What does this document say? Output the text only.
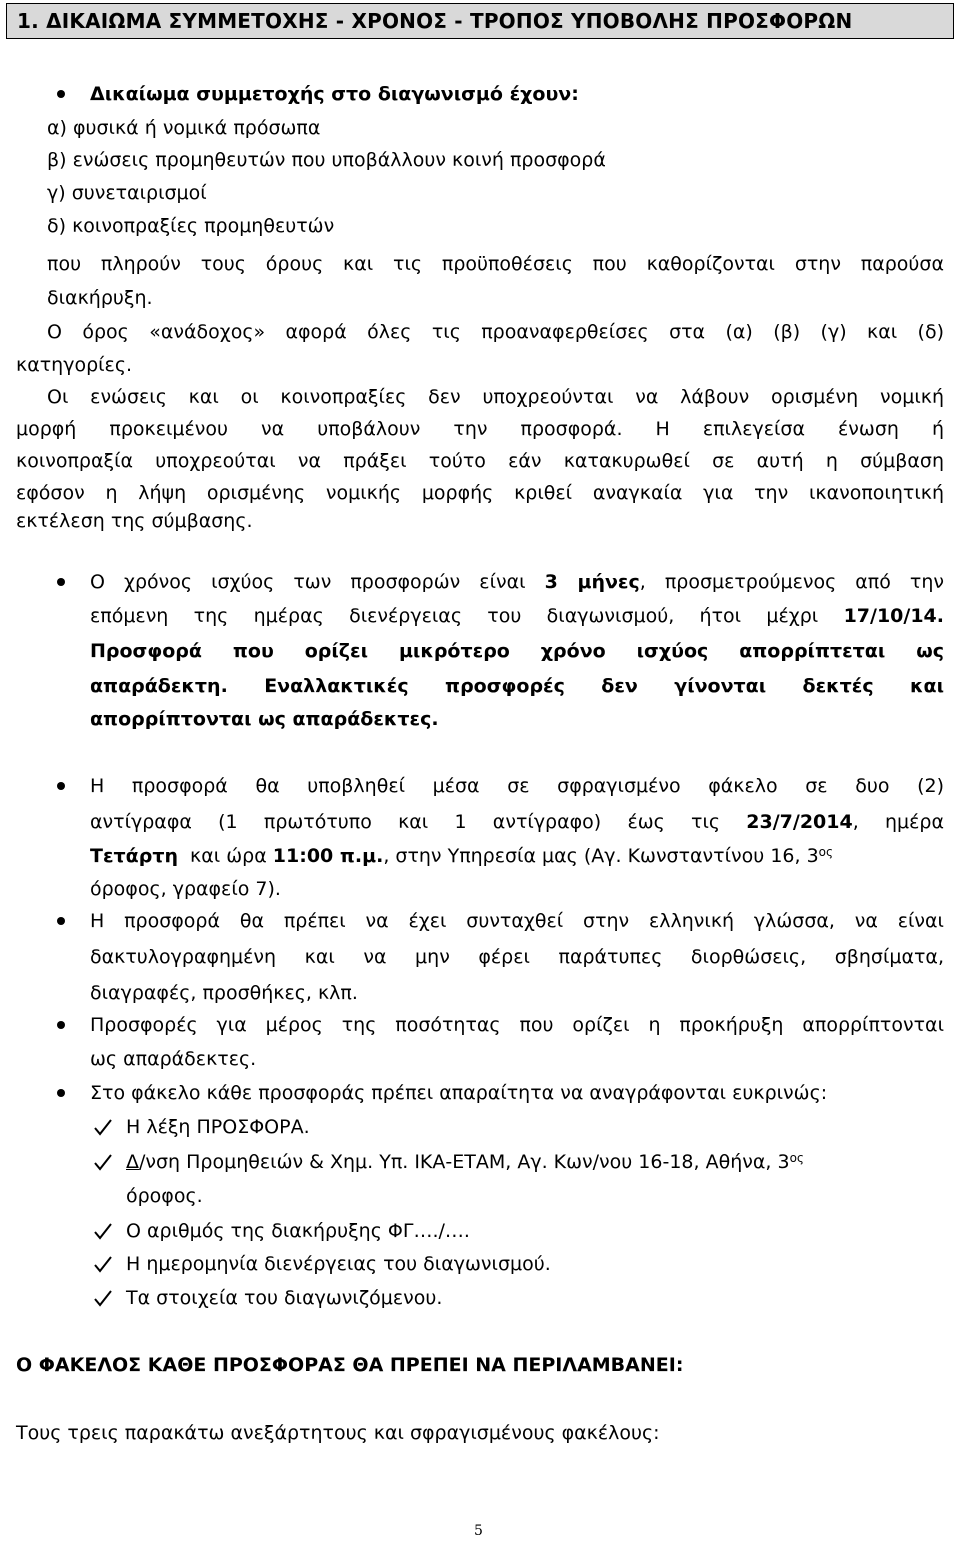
1. ΔΙΚΑΙΩΜΑ ΣΥΜΜΕΤΟΧΗΣ - ΧΡΟΝΟΣ - ΤΡΟΠΟΣ ΥΠΟΒΟΛΗΣ ΠΡΟΣΦΟΡΩΝ
Δικαίωμα συμμετοχής στο διαγωνισμό έχουν:
α) φυσικά ή νομικά πρόσωπα
β) ενώσεις προμηθευτών που υποβάλλουν κοινή προσφορά
γ) συνεταιρισμοί
δ) κοινοπραξίες προμηθευτών
που πληρούν τους όρους και τις προϋποθέσεις που καθορίζονται στην παρούσα
διακήρυξη.
Ο όρος «ανάδοχος» αφορά όλες τις προαναφερθείσες στα (α) (β) (γ) και (δ)
κατηγορίες.
Οι ενώσεις και οι κοινοπραξίες δεν υποχρεούνται να λάβουν ορισμένη νομική
μορφή προκειμένου να υποβάλουν την προσφορά. Η επιλεγείσα ένωση ή
κοινοπραξία υποχρεούται να πράξει τούτο εάν κατακυρωθεί σε αυτή η σύμβαση
εφόσον η λήψη ορισμένης νομικής μορφής κριθεί αναγκαία για την ικανοποιητική
εκτέλεση της σύμβασης.
Ο χρόνος ισχύος των προσφορών είναι 3 μήνες, προσμετρούμενος από την
επόμενη της ημέρας διενέργειας του διαγωνισμού, ήτοι μέχρι 17/10/14.
Προσφορά που ορίζει μικρότερο χρόνο ισχύος απορρίπτεται ως
απαράδεκτη. Εναλλακτικές προσφορές δεν γίνονται δεκτές και
απορρίπτονται ως απαράδεκτες.
Η προσφορά θα υποβληθεί μέσα σε σφραγισμένο φάκελο σε δυο (2)
αντίγραφα (1 πρωτότυπο και 1 αντίγραφο) έως τις 23/7/2014, ημέρα
Τετάρτη  και ώρα 11:00 π.μ., στην Υπηρεσία μας (Αγ. Κωνσταντίνου 16, $3^{o\varsigma}$
όροφος, γραφείο 7).
Η προσφορά θα πρέπει να έχει συνταχθεί στην ελληνική γλώσσα, να είναι
δακτυλογραφημένη και να μην φέρει παράτυπες διορθώσεις, σβησίματα,
διαγραφές, προσθήκες, κλπ.
Προσφορές για μέρος της ποσότητας που ορίζει η προκήρυξη απορρίπτονται
ως απαράδεκτες.
Στο φάκελο κάθε προσφοράς πρέπει απαραίτητα να αναγράφονται ευκρινώς:
Η λέξη ΠΡΟΣΦΟΡΑ.
Δ/νση Προμηθειών & Χημ. Υπ. ΙΚΑ-ΕΤΑΜ, Αγ. Κων/νου 16-18, Αθήνα, $3^{o\varsigma}$
όροφος.
Ο αριθμός της διακήρυξης ΦΓ…./….
Η ημερομηνία διενέργειας του διαγωνισμού.
Τα στοιχεία του διαγωνιζόμενου.
Ο ΦΑΚΕΛΟΣ ΚΑΘΕ ΠΡΟΣΦΟΡΑΣ ΘΑ ΠΡΕΠΕΙ ΝΑ ΠΕΡΙΛΑΜΒΑΝΕΙ:
Τους τρεις παρακάτω ανεξάρτητους και σφραγισμένους φακέλους:
5
